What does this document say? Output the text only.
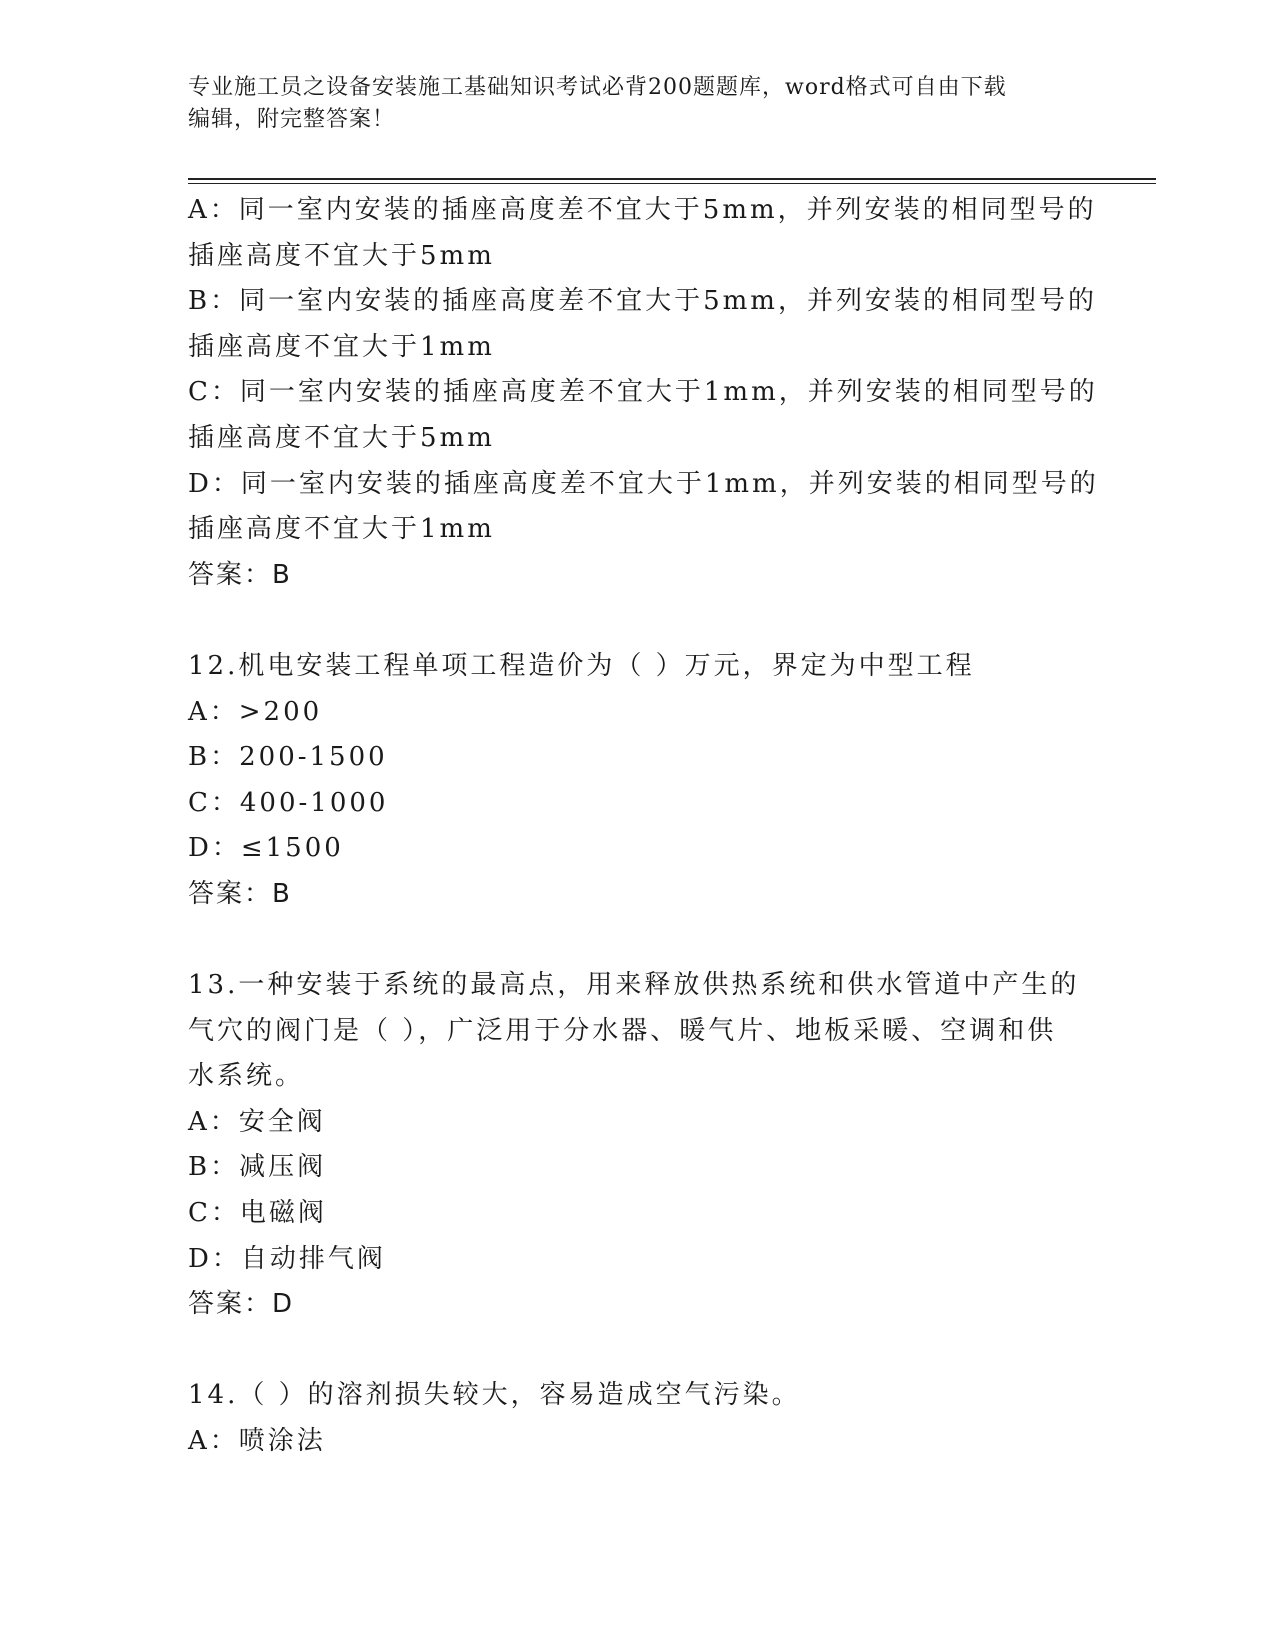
专业施工员之设备安装施工基础知识考试必背200题题库，word格式可自由下载
编辑，附完整答案！
A：同一室内安装的插座高度差不宜大于5mm，并列安装的相同型号的
插座高度不宜大于5mm
B：同一室内安装的插座高度差不宜大于5mm，并列安装的相同型号的
插座高度不宜大于1mm
C：同一室内安装的插座高度差不宜大于1mm，并列安装的相同型号的
插座高度不宜大于5mm
D：同一室内安装的插座高度差不宜大于1mm，并列安装的相同型号的
插座高度不宜大于1mm
答案：B
12.机电安装工程单项工程造价为（ ）万元，界定为中型工程
A：>200
B：200-1500
C：400-1000
D：≤1500
答案：B
13.一种安装于系统的最高点，用来释放供热系统和供水管道中产生的
气穴的阀门是（ ），广泛用于分水器、暖气片、地板采暖、空调和供
水系统。
A：安全阀
B：减压阀
C：电磁阀
D：自动排气阀
答案：D
14.（ ）的溶剂损失较大，容易造成空气污染。
A：喷涂法
